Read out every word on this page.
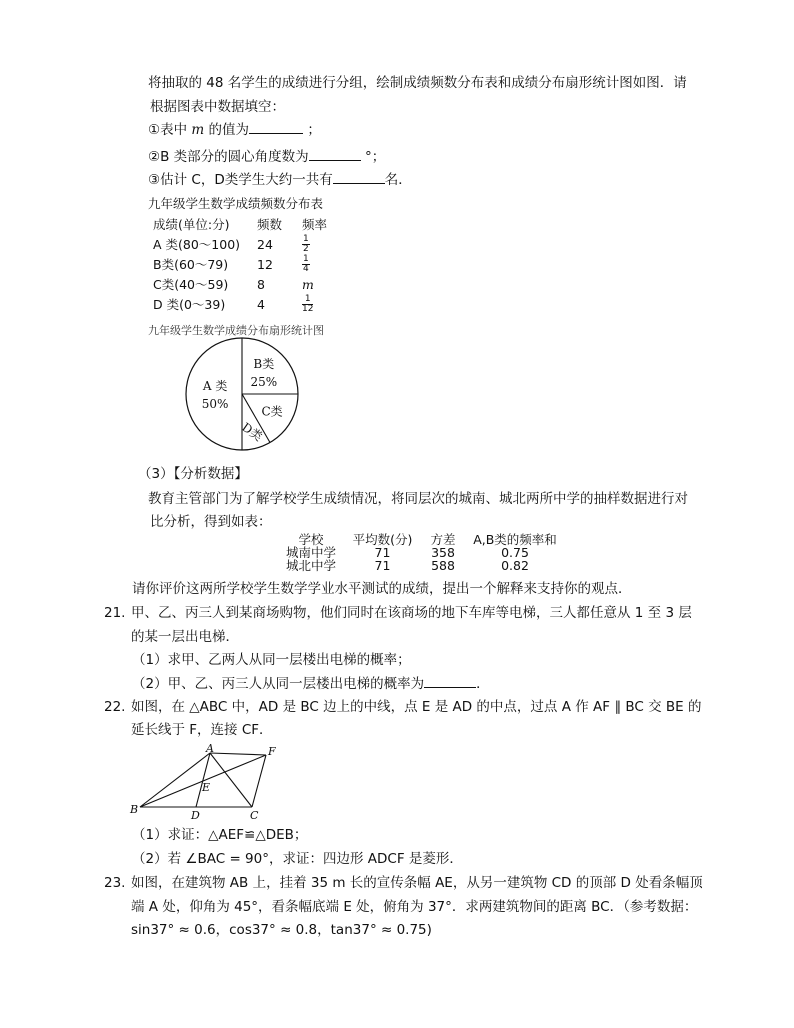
将抽取的 48 名学生的成绩进行分组，绘制成绩频数分布表和成绩分布扇形统计图如图．请
根据图表中数据填空：
①表中 m 的值为	；
②B 类部分的圆心角度数为	°；
③估计 C，D类学生大约一共有	名．
九年级学生数学成绩频数分布表
成绩(单位:分)	频数	频率
A 类(80～100)	24	$\frac{1}{2}$

B类(60～79)	12	$\frac{1}{4}$

C类(40～59)	8	m
D 类(0～39)	4	$\frac{1}{12}$
九年级学生数学成绩分布扇形统计图
B类
25%
C类
D类
A 类
50%
（3）【分析数据】
教育主管部门为了解学校学生成绩情况，将同层次的城南、城北两所中学的抽样数据进行对
比分析，得到如表：
学校	平均数(分)	方差	A,B类的频率和
城南中学	71	358	0.75
城北中学	71	588	0.82
请你评价这两所学校学生数学学业水平测试的成绩，提出一个解释来支持你的观点．
21. 甲、乙、丙三人到某商场购物，他们同时在该商场的地下车库等电梯，三人都任意从 1 至 3 层
的某一层出电梯．
（1）求甲、乙两人从同一层楼出电梯的概率；
（2）甲、乙、丙三人从同一层楼出电梯的概率为	．
22. 如图，在 △ABC 中，AD 是 BC 边上的中线，点 E 是 AD 的中点，过点 A 作 AF ∥ BC 交 BE 的
延长线于 F，连接 CF．
A
B	C
D
E
F
（1）求证：△AEF≌△DEB；
（2）若 ∠BAC = 90°，求证：四边形 ADCF 是菱形．
23. 如图，在建筑物 AB 上，挂着 35 m 长的宣传条幅 AE，从另一建筑物 CD 的顶部 D 处看条幅顶
端 A 处，仰角为 45°，看条幅底端 E 处，俯角为 37°．求两建筑物间的距离 BC．（参考数据：
sin37° ≈ 0.6，cos37° ≈ 0.8，tan37° ≈ 0.75)
